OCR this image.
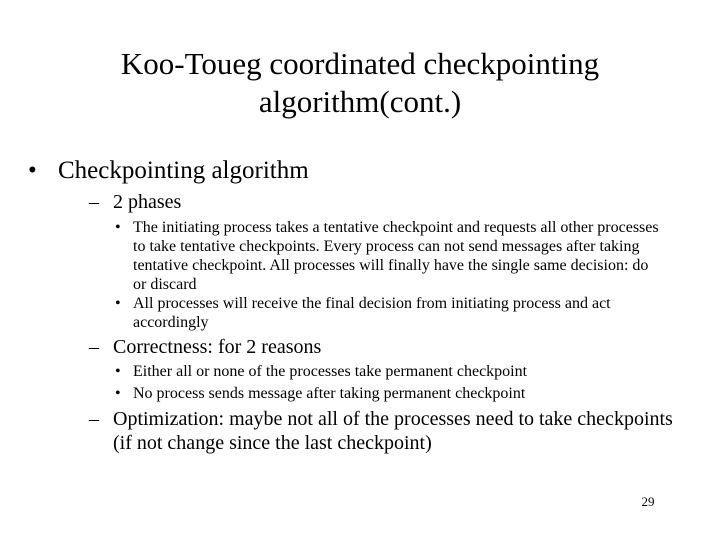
Koo-Toueg coordinated checkpointing
algorithm(cont.)
• Checkpointing algorithm
– 2 phases
• The initiating process takes a tentative checkpoint and requests all other processes to take tentative checkpoints. Every process can not send messages after taking tentative checkpoint. All processes will finally have the single same decision: do or discard
• All processes will receive the final decision from initiating process and act accordingly
– Correctness: for 2 reasons
• Either all or none of the processes take permanent checkpoint
• No process sends message after taking permanent checkpoint
– Optimization: maybe not all of the processes need to take checkpoints (if not change since the last checkpoint)
29
